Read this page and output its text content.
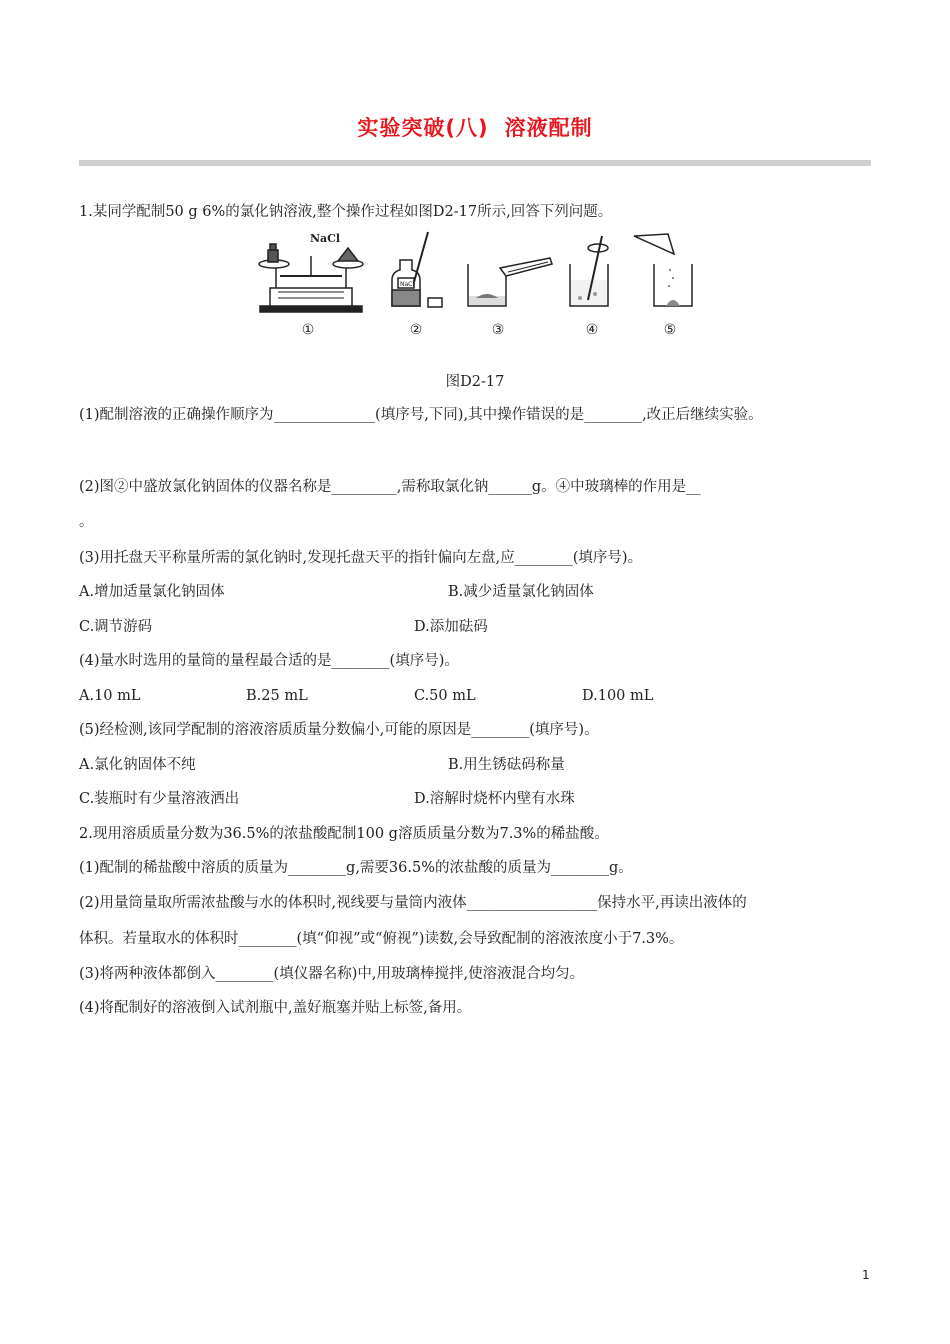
实验突破(八) 溶液配制
1.某同学配制50 g 6%的氯化钠溶液,整个操作过程如图D2-17所示,回答下列问题。
NaCl
NaCl
①	②	③	④	⑤
图D2-17
(1)配制溶液的正确操作顺序为______________(填序号,下同),其中操作错误的是________,改正后继续实验。
(2)图②中盛放氯化钠固体的仪器名称是_________,需称取氯化钠______g。④中玻璃棒的作用是__
。
(3)用托盘天平称量所需的氯化钠时,发现托盘天平的指针偏向左盘,应________(填序号)。
A.增加适量氯化钠固体	B.减少适量氯化钠固体
C.调节游码	D.添加砝码
(4)量水时选用的量筒的量程最合适的是________(填序号)。
A.10 mL	B.25 mL	C.50 mL	D.100 mL
(5)经检测,该同学配制的溶液溶质质量分数偏小,可能的原因是________(填序号)。
A.氯化钠固体不纯	B.用生锈砝码称量
C.装瓶时有少量溶液洒出	D.溶解时烧杯内壁有水珠
2.现用溶质质量分数为36.5%的浓盐酸配制100 g溶质质量分数为7.3%的稀盐酸。
(1)配制的稀盐酸中溶质的质量为________g,需要36.5%的浓盐酸的质量为________g。
(2)用量筒量取所需浓盐酸与水的体积时,视线要与量筒内液体__________________保持水平,再读出液体的
体积。若量取水的体积时________(填“仰视”或“俯视”)读数,会导致配制的溶液浓度小于7.3%。
(3)将两种液体都倒入________(填仪器名称)中,用玻璃棒搅拌,使溶液混合均匀。
(4)将配制好的溶液倒入试剂瓶中,盖好瓶塞并贴上标签,备用。
1
